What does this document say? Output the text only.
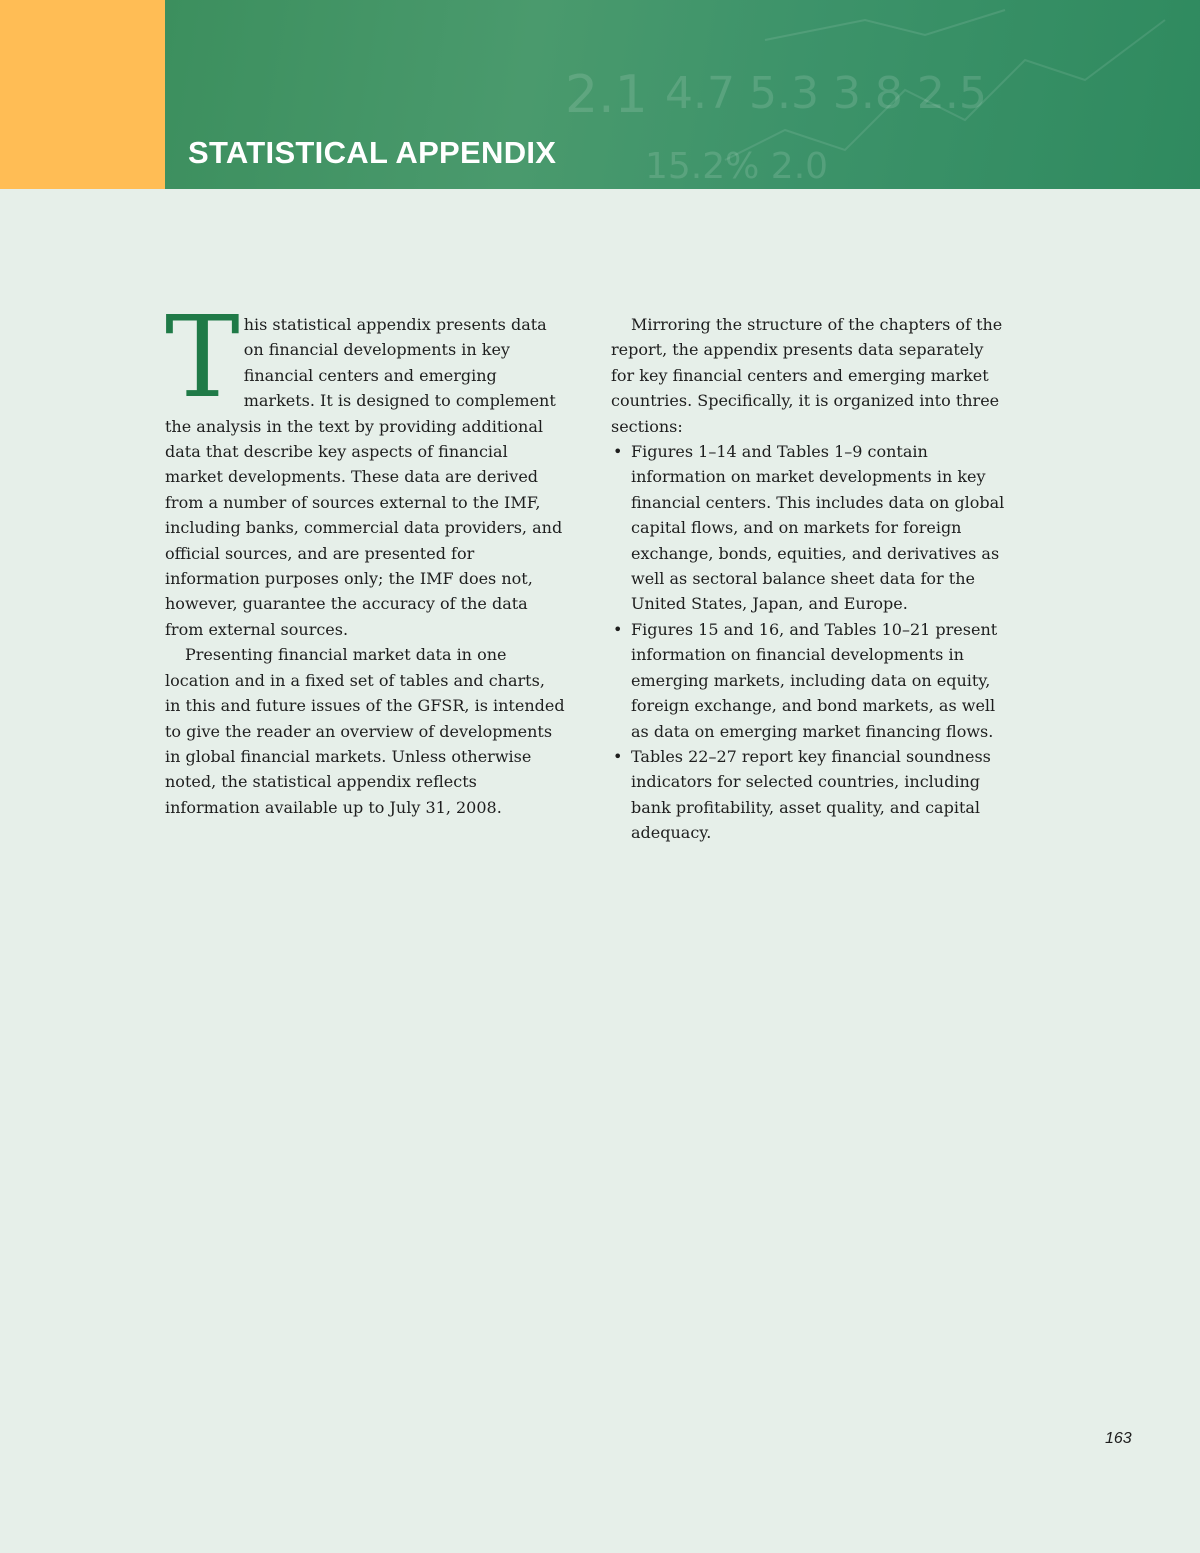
2.1 4.7 5.3 3.8 2.5
15.2% 2.0
STATISTICAL APPENDIX

This statistical appendix presents data on financial developments in key financial centers and emerging markets. It is designed to complement the analysis in the text by providing additional data that describe key aspects of financial market developments. These data are derived from a number of sources external to the IMF, including banks, commercial data providers, and official sources, and are presented for information purposes only; the IMF does not, however, guarantee the accuracy of the data from external sources.

Presenting financial market data in one location and in a fixed set of tables and charts, in this and future issues of the GFSR, is intended to give the reader an overview of developments in global financial markets. Unless otherwise noted, the statistical appendix reflects information available up to July 31, 2008.

Mirroring the structure of the chapters of the report, the appendix presents data separately for key financial centers and emerging market countries. Specifically, it is organized into three sections:

• Figures 1–14 and Tables 1–9 contain information on market developments in key financial centers. This includes data on global capital flows, and on markets for foreign exchange, bonds, equities, and derivatives as well as sectoral balance sheet data for the United States, Japan, and Europe.
• Figures 15 and 16, and Tables 10–21 present information on financial developments in emerging markets, including data on equity, foreign exchange, and bond markets, as well as data on emerging market financing flows.
• Tables 22–27 report key financial soundness indicators for selected countries, including bank profitability, asset quality, and capital adequacy.
163
